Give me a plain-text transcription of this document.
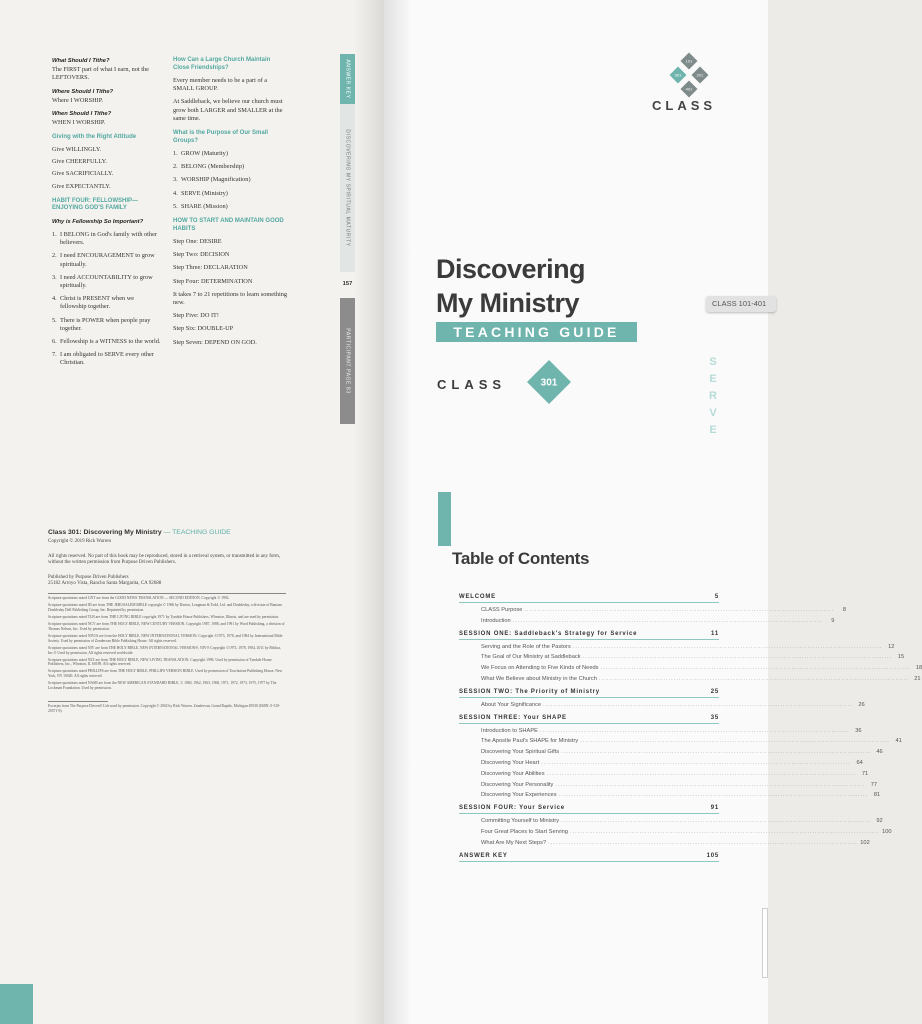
What Should I Tithe?
The FIRST part of what I earn, not the LEFTOVERS.
Where Should I Tithe?
Where I WORSHIP.
When Should I Tithe?
WHEN I WORSHIP.
Giving with the Right Attitude
Give WILLINGLY.
Give CHEERFULLY.
Give SACRIFICIALLY.
Give EXPECTANTLY.
HABIT FOUR: FELLOWSHIP— ENJOYING GOD'S FAMILY
Why is Fellowship So Important?
1. I BELONG in God's family with other believers.
2. I need ENCOURAGEMENT to grow spiritually.
3. I need ACCOUNTABILITY to grow spiritually.
4. Christ is PRESENT when we fellowship together.
5. There is POWER when people pray together.
6. Fellowship is a WITNESS to the world.
7. I am obligated to SERVE every other Christian.
How Can a Large Church Maintain Close Friendships?
Every member needs to be a part of a SMALL GROUP.
At Saddleback, we believe our church must grow both LARGER and SMALLER at the same time.
What is the Purpose of Our Small Groups?
1. GROW (Maturity)
2. BELONG (Membership)
3. WORSHIP (Magnification)
4. SERVE (Ministry)
5. SHARE (Mission)
HOW TO START AND MAINTAIN GOOD HABITS
Step One: DESIRE
Step Two: DECISION
Step Three: DECLARATION
Step Four: DETERMINATION
It takes 7 to 21 repetitions to learn something new.
Step Five: DO IT!
Step Six: DOUBLE-UP
Step Seven: DEPEND ON GOD.
ANSWER KEY
DISCOVERING MY SPIRITUAL MATURITY
157
PARTICIPANT PAGE 83
Class 301: Discovering My Ministry — TEACHING GUIDE
Copyright © 2019 Rick Warren
All rights reserved. No part of this book may be reproduced, stored in a retrieval system, or transmitted in any form, without the written permission from Purpose Driven Publishers.
Published by Purpose Driven Publishers
25182 Arroyo Vista, Rancho Santa Margarita, CA 92688
Scripture quotations noted GNT are from the GOOD NEWS TRANSLATION — SECOND EDITION. Copyright © 1992.
Scripture quotations noted JB are from THE JERUSALEM BIBLE copyright © 1966 by Darton, Longman & Todd, Ltd. and Doubleday, a division of Bantam Doubleday Dell Publishing Group, Inc. Reprinted by permission.
Scripture quotations noted TLB are from THE LIVING BIBLE copyright 1971 by Tyndale House Publishers, Wheaton, Illinois, and are used by permission.
Scripture quotations noted NCV are from THE HOLY BIBLE, NEW CENTURY VERSION. Copyright 1987, 1988, and 1991 by Word Publishing, a division of Thomas Nelson, Inc. Used by permission.
Scripture quotations noted NIVIA are from the HOLY BIBLE, NEW INTERNATIONAL VERSION. Copyright ©1973, 1978, and 1984 by International Bible Society. Used by permission of Zondervan Bible Publishing House. All rights reserved.
Scripture quotations noted NIV are from THE HOLY BIBLE, NEW INTERNATIONAL VERSION®, NIV® Copyright ©1973, 1978, 1984, 2011 by Biblica, Inc.® Used by permission. All rights reserved worldwide.
Scripture quotations noted NLT are from THE HOLY BIBLE, NEW LIVING TRANSLATION. Copyright 1996. Used by permission of Tyndale House Publishers, Inc., Wheaton, IL 60189. All rights reserved.
Scripture quotations noted PHILLIPS are from THE HOLY BIBLE, PHILLIPS VERSION BIBLE. Used by permission of Touchstone Publishing House, New York, NY 10020. All rights reserved.
Scripture quotations noted NASB are from the NEW AMERICAN STANDARD BIBLE, © 1960, 1962, 1963, 1968, 1971, 1972, 1973, 1975, 1977 by The Lockman Foundation. Used by permission.
Excerpts from The Purpose Driven® Life used by permission. Copyright © 2002 by Rick Warren. Zondervan, Grand Rapids, Michigan 49530 (ISBN: 0-310-20571-9).
101
301	201
401
CLASS
Discovering
My Ministry
TEACHING GUIDE
CLASS	301
CLASS 101-401
S
E
R
V
E
Table of Contents
WELCOME	5
CLASS Purpose ........................................................................................................................	8
Introduction ........................................................................................................................	9
SESSION ONE: Saddleback's Strategy for Service	11
Serving and the Role of the Pastors ........................................................................................................................ 12
The Goal of Our Ministry at Saddleback ........................................................................................................................ 15
We Focus on Attending to Five Kinds of Needs ........................................................................................................................ 18
What We Believe about Ministry in the Church ........................................................................................................................ 21
SESSION TWO: The Priority of Ministry	25
About Your Significance ........................................................................................................................ 26
SESSION THREE: Your SHAPE	35
Introduction to SHAPE ........................................................................................................................ 36
The Apostle Paul's SHAPE for Ministry ........................................................................................................................ 41
Discovering Your Spiritual Gifts ........................................................................................................................ 46
Discovering Your Heart ........................................................................................................................ 64
Discovering Your Abilities ........................................................................................................................ 71
Discovering Your Personality ........................................................................................................................ 77
Discovering Your Experiences ........................................................................................................................ 81
SESSION FOUR: Your Service	91
Committing Yourself to Ministry ........................................................................................................................ 92
Four Great Places to Start Serving ........................................................................................................................ 100
What Are My Next Steps? ........................................................................................................................ 102
ANSWER KEY	105
